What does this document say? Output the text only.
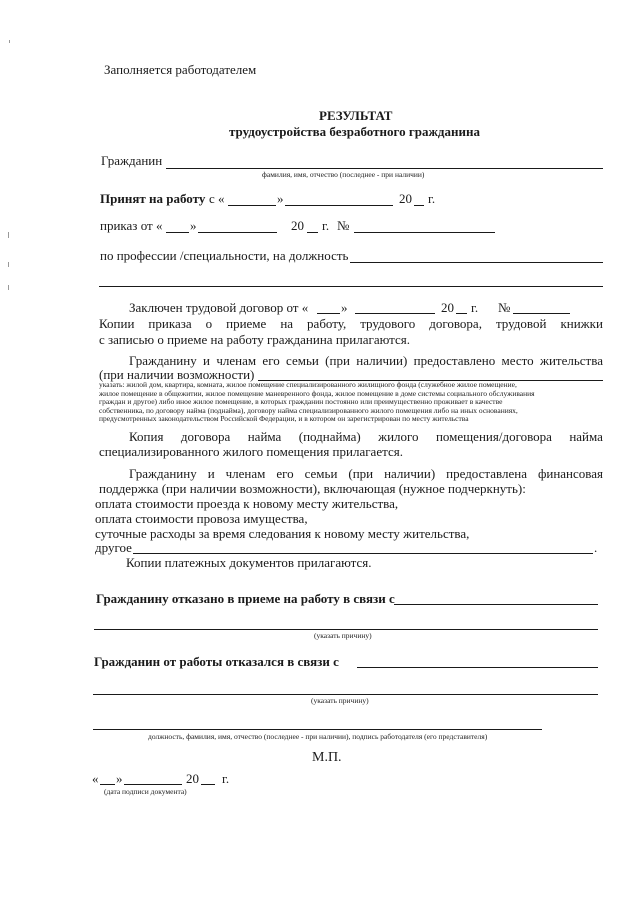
Заполняется работодателем
РЕЗУЛЬТАТ
трудоустройства безработного гражданина
Гражданин
фамилия, имя, отчество (последнее - при наличии)
Принят на работу с «	»	20 г.
приказ от « »	20 г. №
по профессии /специальности, на должность
Заключен трудовой договор от «	»	20 г. №
Копии приказа о приеме на работу, трудового договора, трудовой книжки
с записью о приеме на работу гражданина прилагаются.
Гражданину и членам его семьи (при наличии) предоставлено место жительства
(при наличии возможности)
указать: жилой дом, квартира, комната, жилое помещение специализированного жилищного фонда (служебное жилое помещение,
жилое помещение в общежитии, жилое помещение маневренного фонда, жилое помещение в доме системы социального обслуживания
граждан и другое) либо иное жилое помещение, в которых гражданин постоянно или преимущественно проживает в качестве
собственника, по договору найма (поднайма), договору найма специализированного жилого помещения либо на иных основаниях,
предусмотренных законодательством Российской Федерации, и в котором он зарегистрирован по месту жительства
Копия договора найма (поднайма) жилого помещения/договора найма
специализированного жилого помещения прилагается.
Гражданину и членам его семьи (при наличии) предоставлена финансовая
поддержка (при наличии возможности), включающая (нужное подчеркнуть):
оплата стоимости проезда к новому месту жительства,
оплата стоимости провоза имущества,
суточные расходы за время следования к новому месту жительства,
другое	.
Копии платежных документов прилагаются.
Гражданину отказано в приеме на работу в связи с
(указать причину)
Гражданин от работы отказался в связи с
(указать причину)
должность, фамилия, имя, отчество (последнее - при наличии), подпись работодателя (его представителя)
М.П.
« »	20 г.
(дата подписи документа)
